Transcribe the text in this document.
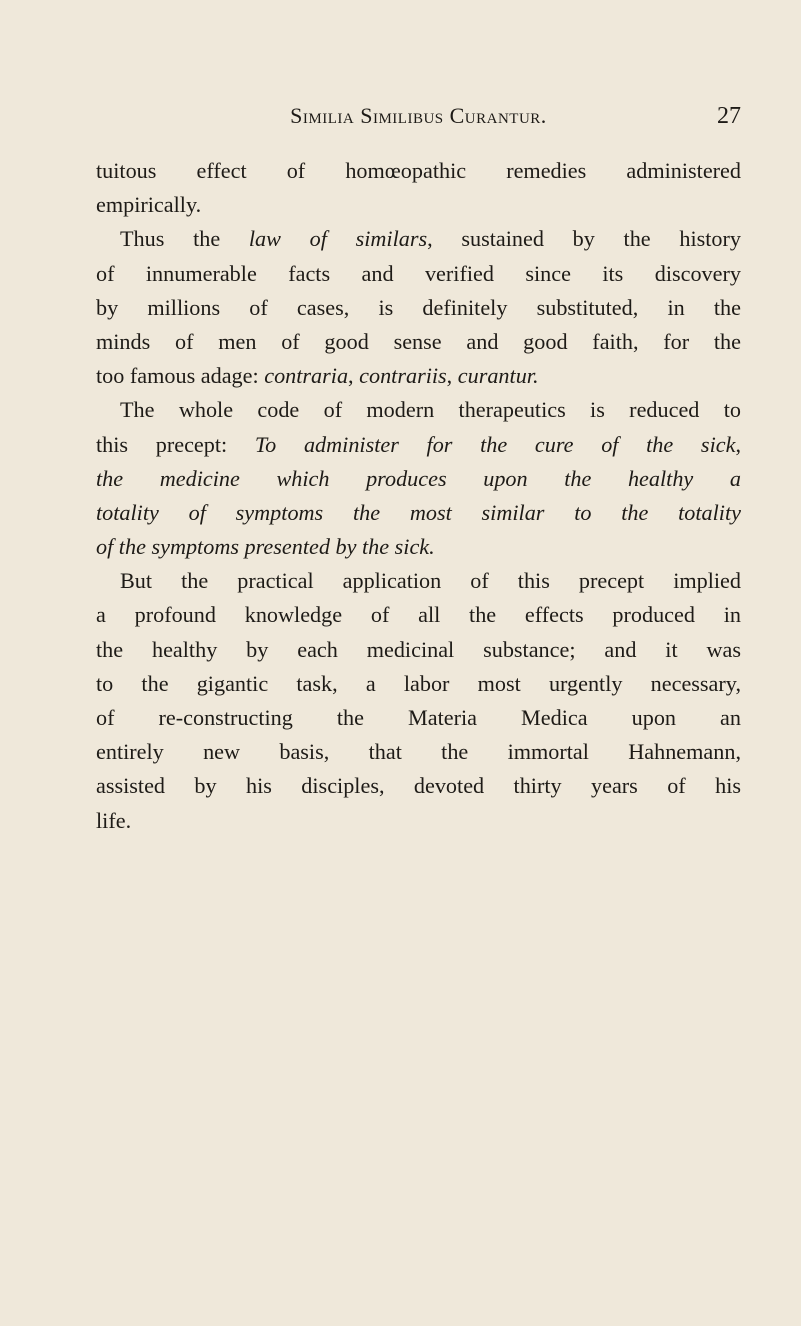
Similia Similibus Curantur.	27
tuitous effect of homœopathic remedies administered
empirically.
Thus the law of similars, sustained by the history
of innumerable facts and verified since its discovery
by millions of cases, is definitely substituted, in the
minds of men of good sense and good faith, for the
too famous adage: contraria, contrariis, curantur.
The whole code of modern therapeutics is reduced to
this precept: To administer for the cure of the sick,
the medicine which produces upon the healthy a
totality of symptoms the most similar to the totality
of the symptoms presented by the sick.
But the practical application of this precept implied
a profound knowledge of all the effects produced in
the healthy by each medicinal substance; and it was
to the gigantic task, a labor most urgently necessary,
of re-constructing the Materia Medica upon an
entirely new basis, that the immortal Hahnemann,
assisted by his disciples, devoted thirty years of his
life.
